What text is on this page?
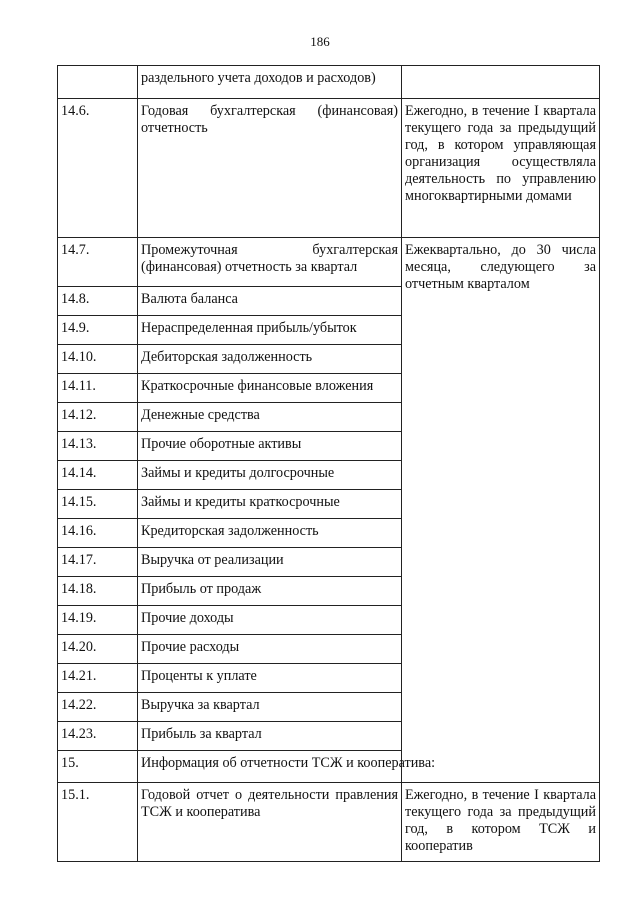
186
	раздельного учета доходов и расходов)	
14.6.	Годовая бухгалтерская (финансовая) отчетность	Ежегодно, в течение I квартала текущего года за предыдущий год, в котором управляющая организация осуществляла деятельность по управлению многоквартирными домами
14.7.	Промежуточная бухгалтерская (финансовая) отчетность за квартал	Ежеквартально, до 30 числа месяца, следующего за отчетным кварталом
14.8.	Валюта баланса	
14.9.	Нераспределенная прибыль/убыток	
14.10.	Дебиторская задолженность	
14.11.	Краткосрочные финансовые вложения	
14.12.	Денежные средства	
14.13.	Прочие оборотные активы	
14.14.	Займы и кредиты долгосрочные	
14.15.	Займы и кредиты краткосрочные	
14.16.	Кредиторская задолженность	
14.17.	Выручка от реализации	
14.18.	Прибыль от продаж	
14.19.	Прочие доходы	
14.20.	Прочие расходы	
14.21.	Проценты к уплате	
14.22.	Выручка за квартал	
14.23.	Прибыль за квартал	
15.	Информация об отчетности ТСЖ и кооператива:	
15.1.	Годовой отчет о деятельности правления ТСЖ и кооператива	Ежегодно, в течение I квартала текущего года за предыдущий год, в котором ТСЖ и кооператив
